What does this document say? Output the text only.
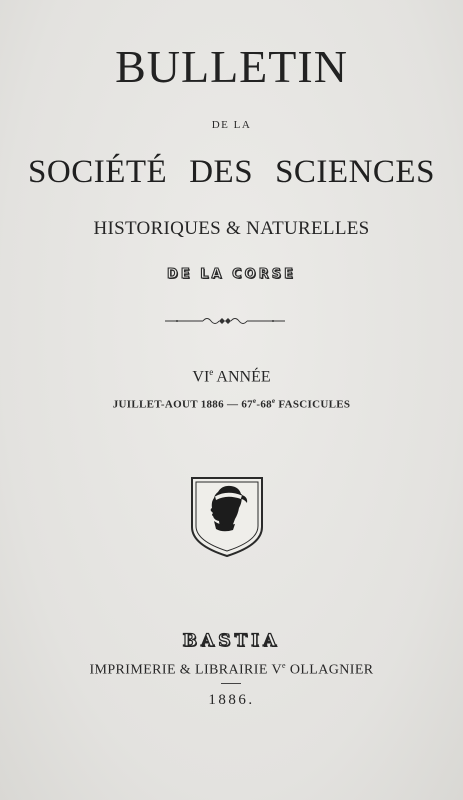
BULLETIN
DE LA
SOCIÉTÉ DES SCIENCES
HISTORIQUES & NATURELLES
DE LA CORSE
VIe ANNÉE
JUILLET-AOUT 1886 — 67e-68e FASCICULES
BASTIA
IMPRIMERIE & LIBRAIRIE Ve OLLAGNIER
1886.
